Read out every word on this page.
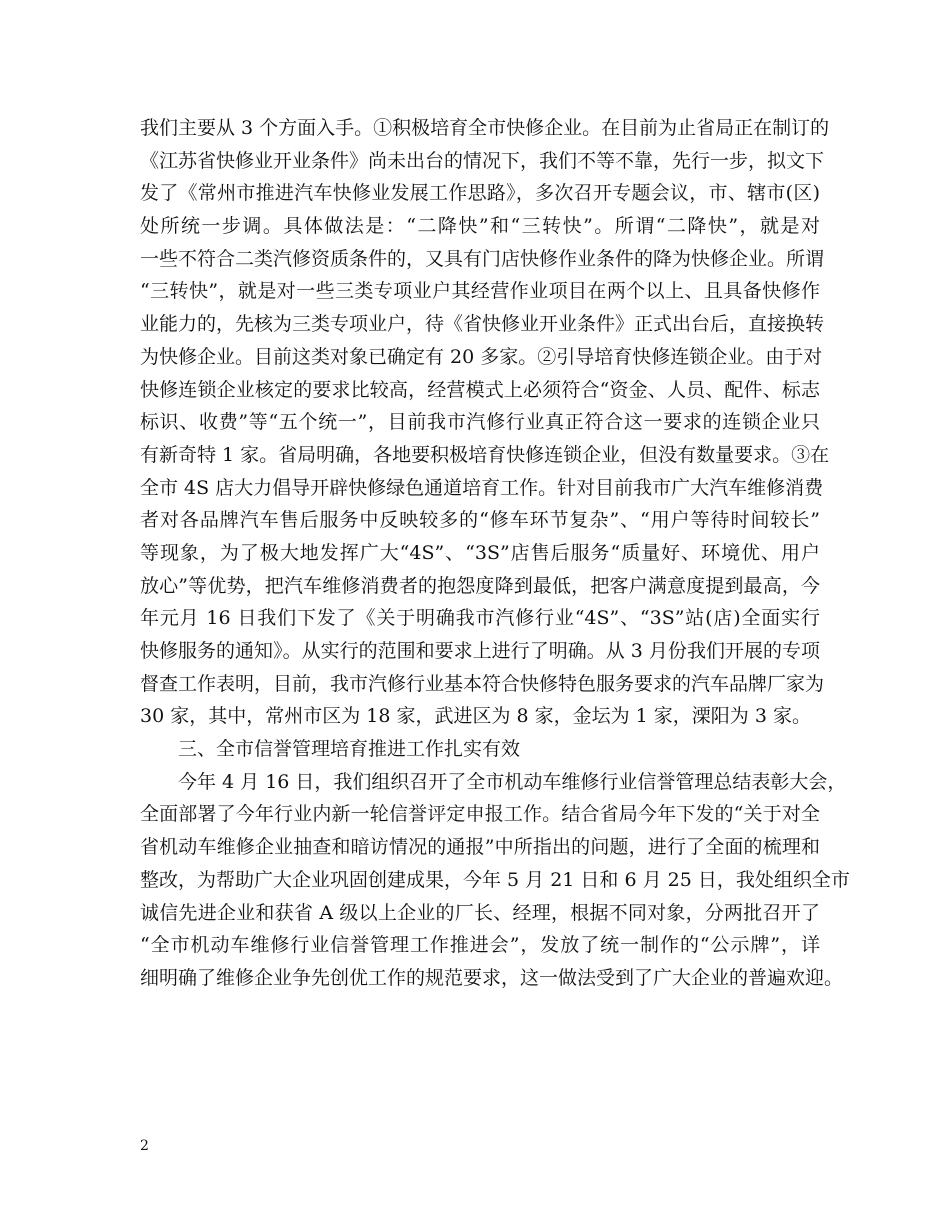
我们主要从 3 个方面入手。①积极培育全市快修企业。在目前为止省局正在制订的
《江苏省快修业开业条件》尚未出台的情况下，我们不等不靠，先行一步，拟文下
发了《常州市推进汽车快修业发展工作思路》，多次召开专题会议，市、辖市(区)
处所统一步调。具体做法是：“二降快”和“三转快”。所谓“二降快”，就是对
一些不符合二类汽修资质条件的，又具有门店快修作业条件的降为快修企业。所谓
“三转快”，就是对一些三类专项业户其经营作业项目在两个以上、且具备快修作
业能力的，先核为三类专项业户，待《省快修业开业条件》正式出台后，直接换转
为快修企业。目前这类对象已确定有 20 多家。②引导培育快修连锁企业。由于对
快修连锁企业核定的要求比较高，经营模式上必须符合“资金、人员、配件、标志
标识、收费”等“五个统一”，目前我市汽修行业真正符合这一要求的连锁企业只
有新奇特 1 家。省局明确，各地要积极培育快修连锁企业，但没有数量要求。③在
全市 4S 店大力倡导开辟快修绿色通道培育工作。针对目前我市广大汽车维修消费
者对各品牌汽车售后服务中反映较多的“修车环节复杂”、“用户等待时间较长”
等现象，为了极大地发挥广大“4S”、“3S”店售后服务“质量好、环境优、用户
放心”等优势，把汽车维修消费者的抱怨度降到最低，把客户满意度提到最高，今
年元月 16 日我们下发了《关于明确我市汽修行业“4S”、“3S”站(店)全面实行
快修服务的通知》。从实行的范围和要求上进行了明确。从 3 月份我们开展的专项
督查工作表明，目前，我市汽修行业基本符合快修特色服务要求的汽车品牌厂家为
30 家，其中，常州市区为 18 家，武进区为 8 家，金坛为 1 家，溧阳为 3 家。
三、全市信誉管理培育推进工作扎实有效
今年 4 月 16 日，我们组织召开了全市机动车维修行业信誉管理总结表彰大会，
全面部署了今年行业内新一轮信誉评定申报工作。结合省局今年下发的“关于对全
省机动车维修企业抽查和暗访情况的通报”中所指出的问题，进行了全面的梳理和
整改，为帮助广大企业巩固创建成果，今年 5 月 21 日和 6 月 25 日，我处组织全市
诚信先进企业和获省 A 级以上企业的厂长、经理，根据不同对象，分两批召开了
“全市机动车维修行业信誉管理工作推进会”，发放了统一制作的“公示牌”，详
细明确了维修企业争先创优工作的规范要求，这一做法受到了广大企业的普遍欢迎。
2
